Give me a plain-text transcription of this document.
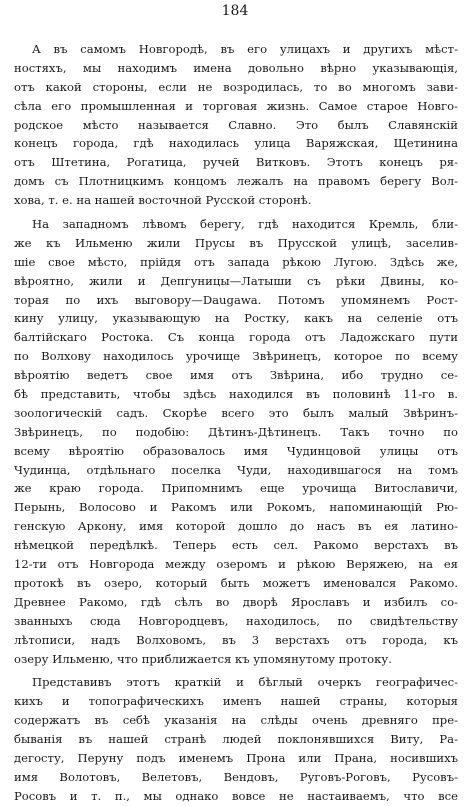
184
А въ самомъ Новгородѣ, въ его улицахъ и другихъ мѣст-
ностяхъ, мы находимъ имена довольно вѣрно указывающія,
отъ какой стороны, если не возродилась, то во многомъ зави-
сѣла его промышленная и торговая жизнь. Самое старое Новго-
родское мѣсто называется Славно. Это былъ Славянскій
конецъ города, гдѣ находилась улица Варяжская, Щетинина
отъ Штетина, Рогатица, ручей Витковъ. Этотъ конецъ ря-
домъ съ Плотницкимъ концомъ лежалъ на правомъ берегу Вол-
хова, т. е. на нашей восточной Русской сторонѣ.
На западномъ лѣвомъ берегу, гдѣ находится Кремль, бли-
же къ Ильменю жили Прусы въ Прусской улицѣ, заселив-
шіе свое мѣсто, прійдя отъ запада рѣкою Лугою. Здѣсь же,
вѣроятно, жили и Депгуницы—Латыши съ рѣки Двины, ко-
торая по ихъ выговору—Daugawa. Потомъ упомянемъ Рост-
кину улицу, указывающую на Ростку, какъ на селеніе отъ
балтійскаго Ростока. Съ конца города отъ Ладожскаго пути
по Волхову находилось урочище Звѣринецъ, которое по всему
вѣроятію ведетъ свое имя отъ Звѣрина, ибо трудно се-
бѣ представить, чтобы здѣсь находился въ половинѣ 11-го в.
зоологическій садъ. Скорѣе всего это былъ малый Звѣринъ-
Звѣринецъ, по подобію: Дѣтинъ-Дѣтинецъ. Такъ точно по
всему вѣроятію образовалось имя Чудинцовой улицы отъ
Чудинца, отдѣльнаго поселка Чуди, находившагося на томъ
же краю города. Припомнимъ еще урочища Витославичи,
Перынь, Волосово и Ракомъ или Рокомъ, напоминающій Рю-
генскую Аркону, имя которой дошло до насъ въ ея латино-
нѣмецкой передѣлкѣ. Теперь есть сел. Ракомо верстахъ въ
12-ти отъ Новгорода между озеромъ и рѣкою Веряжею, на ея
протокѣ въ озеро, который быть можетъ именовался Ракомо.
Древнее Ракомо, гдѣ сѣлъ во дворѣ Ярославъ и избилъ со-
званныхъ сюда Новгородцевъ, находилось, по свидѣтельству
лѣтописи, надъ Волховомъ, въ 3 верстахъ отъ города, къ
озеру Ильменю, что приближается къ упомянутому протоку.
Представивъ этотъ краткій и бѣглый очеркъ географичес-
кихъ и топографическихъ именъ нашей страны, которыя
содержатъ въ себѣ указанія на слѣды очень древняго пре-
быванія въ нашей странѣ людей поклонявшихся Виту, Ра-
дегосту, Перуну подъ именемъ Прона или Прана, носившихъ
имя Волотовъ, Велетовъ, Вендовъ, Руговъ-Роговъ, Русовъ-
Росовъ и т. п., мы однако вовсе не настаиваемъ, что все
